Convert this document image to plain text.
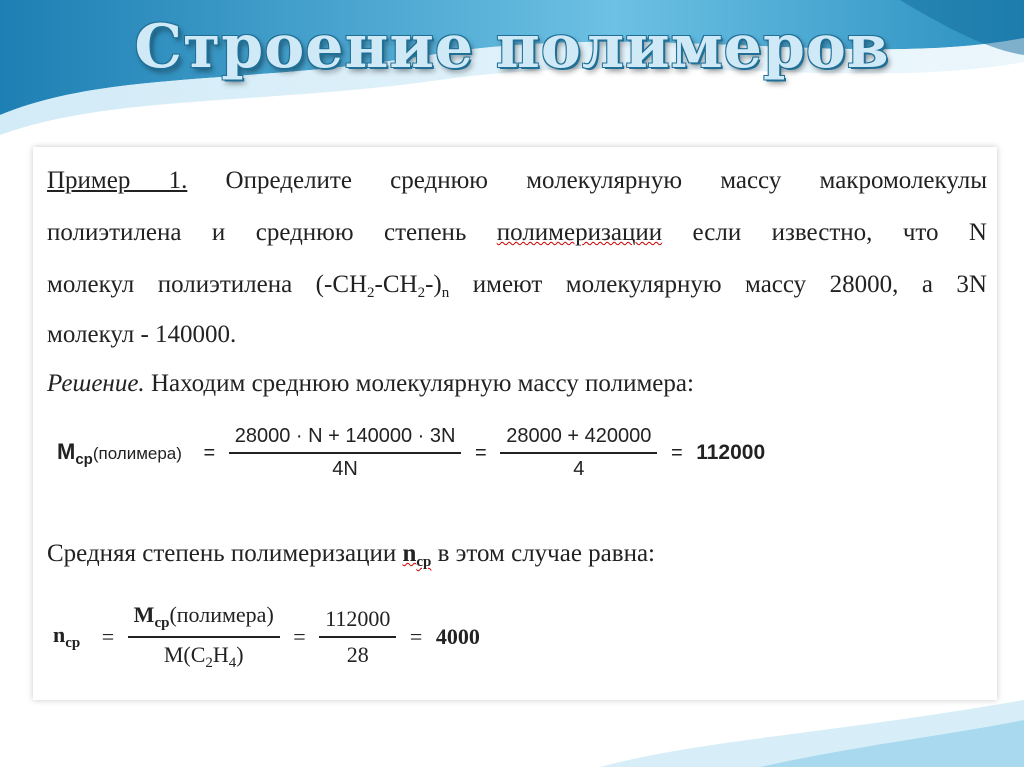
Строение полимеров
Пример 1. Определите среднюю молекулярную массу макромолекулы
полиэтилена и среднюю степень полимеризации если известно, что N
молекул полиэтилена $(-CH_2-CH_2-)_n$ имеют молекулярную массу 28000, а 3N
молекул - 140000.
Решение. Находим среднюю молекулярную массу полимера:
$M_{ср}(полимера) = \frac{28000 \cdot N + 140000 \cdot 3N}{4N} = \frac{28000 + 420000}{4} = 112000$
Средняя степень полимеризации $n_{ср}$ в этом случае равна:
$n_{ср} = \frac{M_{ср}(полимера)}{M(C_2H_4)} = \frac{112000}{28} = 4000$
